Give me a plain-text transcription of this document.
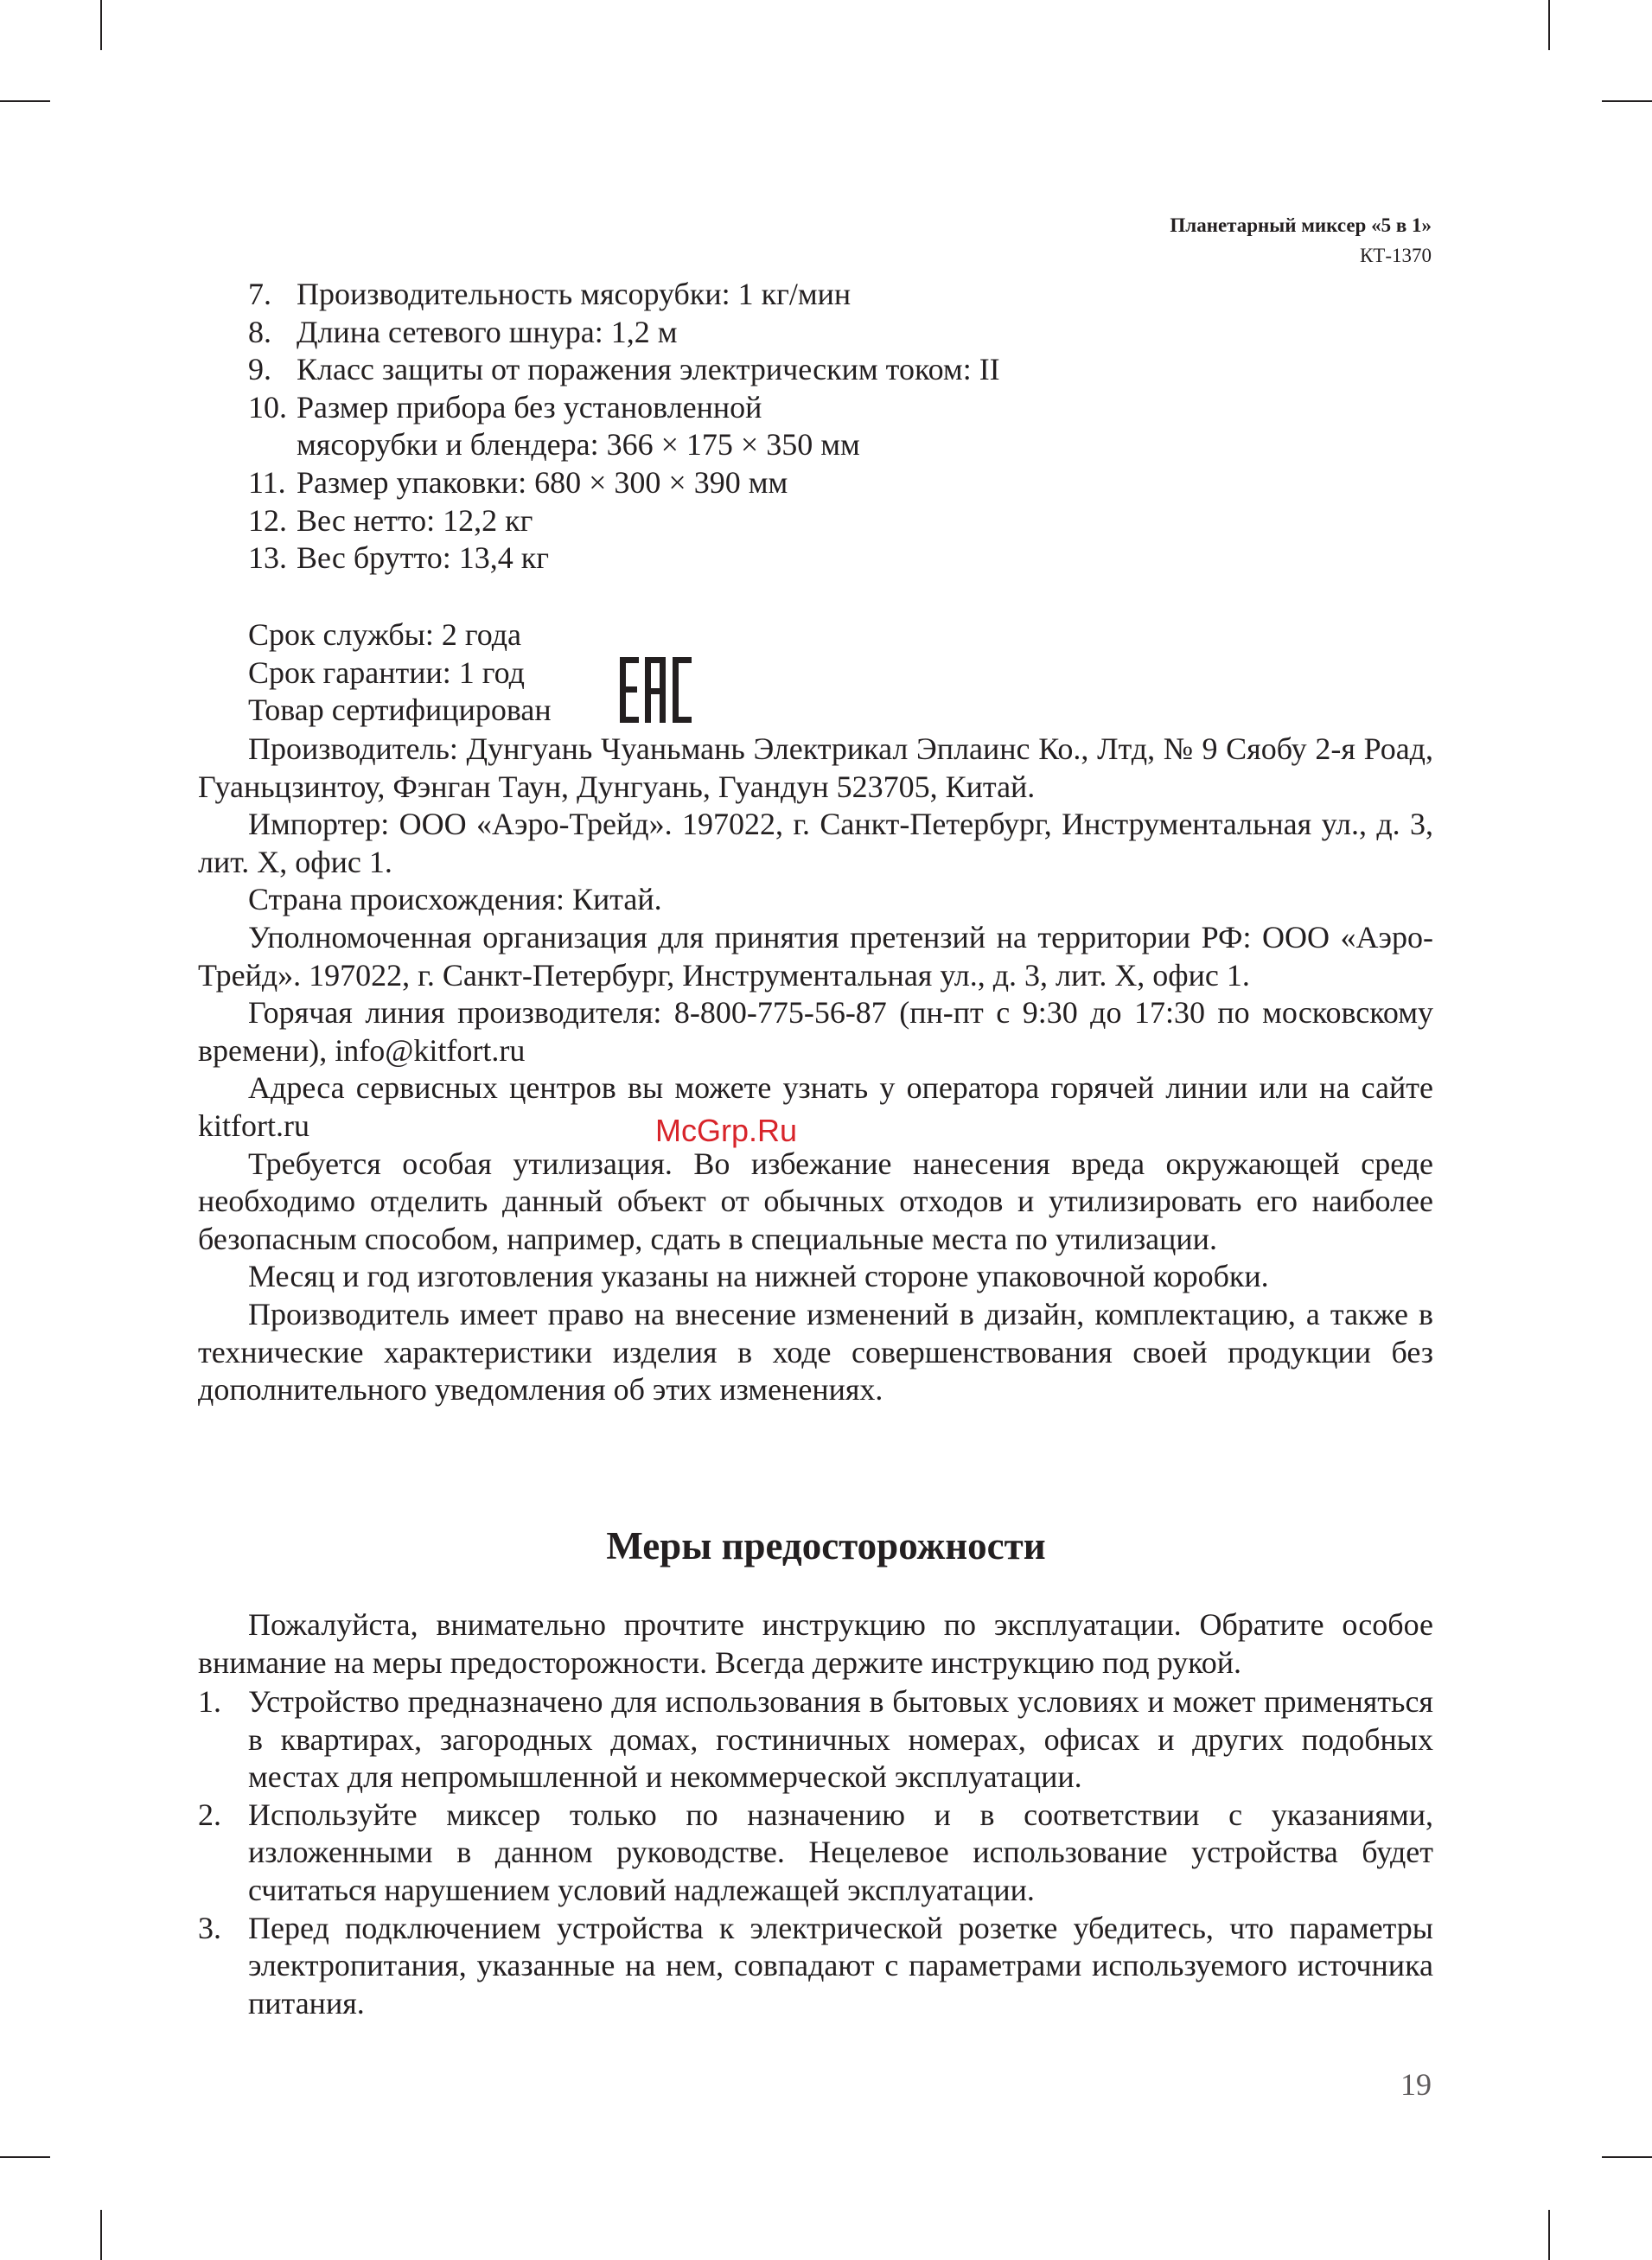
Планетарный миксер «5 в 1»
КТ-1370
7. Производительность мясорубки: 1 кг/мин
8. Длина сетевого шнура: 1,2 м
9. Класс защиты от поражения электрическим током: II
10. Размер прибора без установленной
мясорубки и блендера: 366 × 175 × 350 мм
11. Размер упаковки: 680 × 300 × 390 мм
12. Вес нетто: 12,2 кг
13. Вес брутто: 13,4 кг
Срок службы: 2 года
Срок гарантии: 1 год
Товар сертифицирован

Производитель: Дунгуань Чуаньмань Электрикал Эплаинс Ко., Лтд, № 9 Сяобу 2-я Роад, Гуаньцзинтоу, Фэнган Таун, Дунгуань, Гуандун 523705, Китай.

Импортер: ООО «Аэро-Трейд». 197022, г. Санкт-Петербург, Инструментальная ул., д. 3, лит. Х, офис 1.

Страна происхождения: Китай.

Уполномоченная организация для принятия претензий на территории РФ: ООО «Аэро-Трейд». 197022, г. Санкт-Петербург, Инструментальная ул., д. 3, лит. Х, офис 1.

Горячая линия производителя: 8-800-775-56-87 (пн-пт с 9:30 до 17:30 по московскому времени), info@kitfort.ru

Адреса сервисных центров вы можете узнать у оператора горячей линии или на сайте kitfort.ru

Требуется особая утилизация. Во избежание нанесения вреда окружающей среде необходимо отделить данный объект от обычных отходов и утилизировать его наиболее безопасным способом, например, сдать в специальные места по утилизации.

Месяц и год изготовления указаны на нижней стороне упаковочной коробки.

Производитель имеет право на внесение изменений в дизайн, комплектацию, а также в технические характеристики изделия в ходе совершенствования своей продукции без дополнительного уведомления об этих изменениях.

McGrp.Ru
Меры предосторожности

Пожалуйста, внимательно прочтите инструкцию по эксплуатации. Обратите особое внимание на меры предосторожности. Всегда держите инструкцию под рукой.

1. Устройство предназначено для использования в бытовых условиях и может применяться в квартирах, загородных домах, гостиничных номерах, офисах и других подобных местах для непромышленной и некоммерческой эксплуатации.
2. Используйте миксер только по назначению и в соответствии с указаниями, изложенными в данном руководстве. Нецелевое использование устройства будет считаться нарушением условий надлежащей эксплуатации.
3. Перед подключением устройства к электрической розетке убедитесь, что параметры электропитания, указанные на нем, совпадают с параметрами используемого источника питания.
19
